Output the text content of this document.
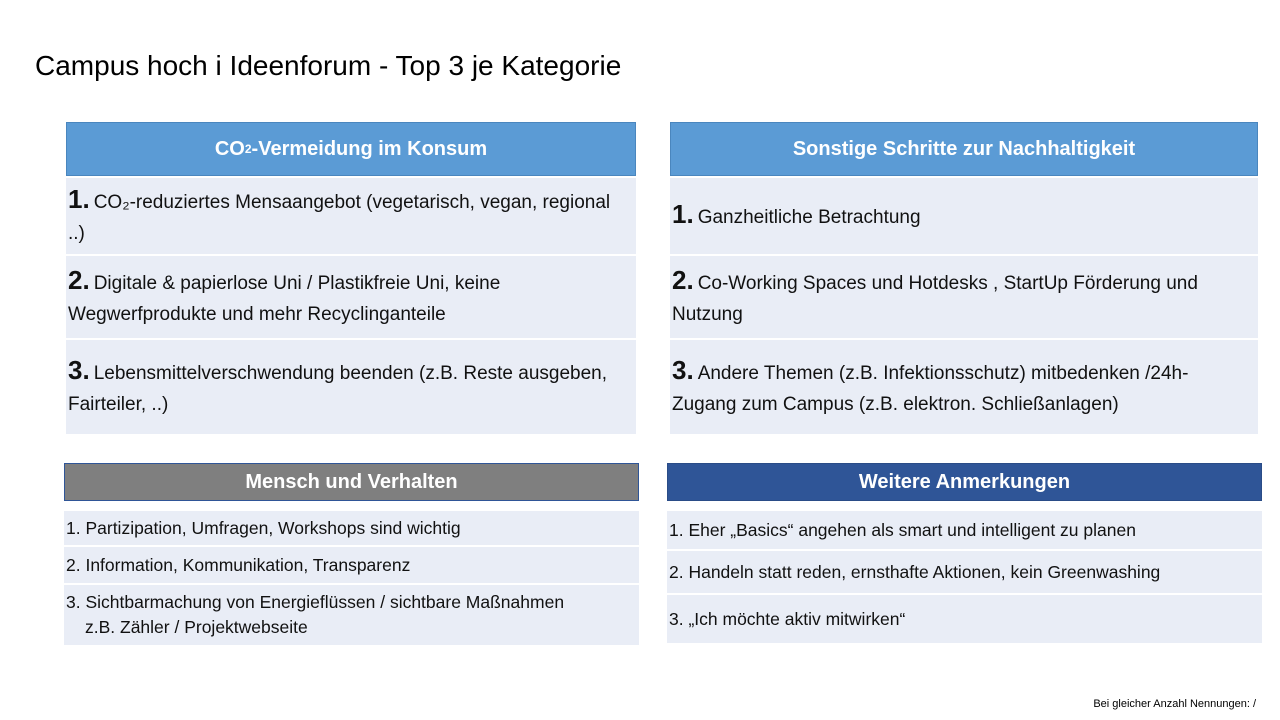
Campus hoch i Ideenforum - Top 3 je Kategorie
CO 2 -Vermeidung im Konsum
1. CO₂-reduziertes Mensaangebot (vegetarisch, vegan, regional ..)
2. Digitale & papierlose Uni / Plastikfreie Uni, keine Wegwerfprodukte und mehr Recyclinganteile
3. Lebensmittelverschwendung beenden (z.B. Reste ausgeben, Fairteiler, ..)
Sonstige Schritte zur Nachhaltigkeit
1. Ganzheitliche Betrachtung
2. Co-Working Spaces und Hotdesks , StartUp Förderung und Nutzung
3. Andere Themen (z.B. Infektionsschutz) mitbedenken /24h-Zugang zum Campus (z.B. elektron. Schließanlagen)
Mensch und Verhalten
1. Partizipation, Umfragen, Workshops sind wichtig
2. Information, Kommunikation, Transparenz
3. Sichtbarmachung von Energieflüssen / sichtbare Maßnahmen
z.B. Zähler / Projektwebseite
Weitere Anmerkungen
1. Eher „Basics“ angehen als smart und intelligent zu planen
2. Handeln statt reden, ernsthafte Aktionen, kein Greenwashing
3. „Ich möchte aktiv mitwirken“
Bei gleicher Anzahl Nennungen: /
